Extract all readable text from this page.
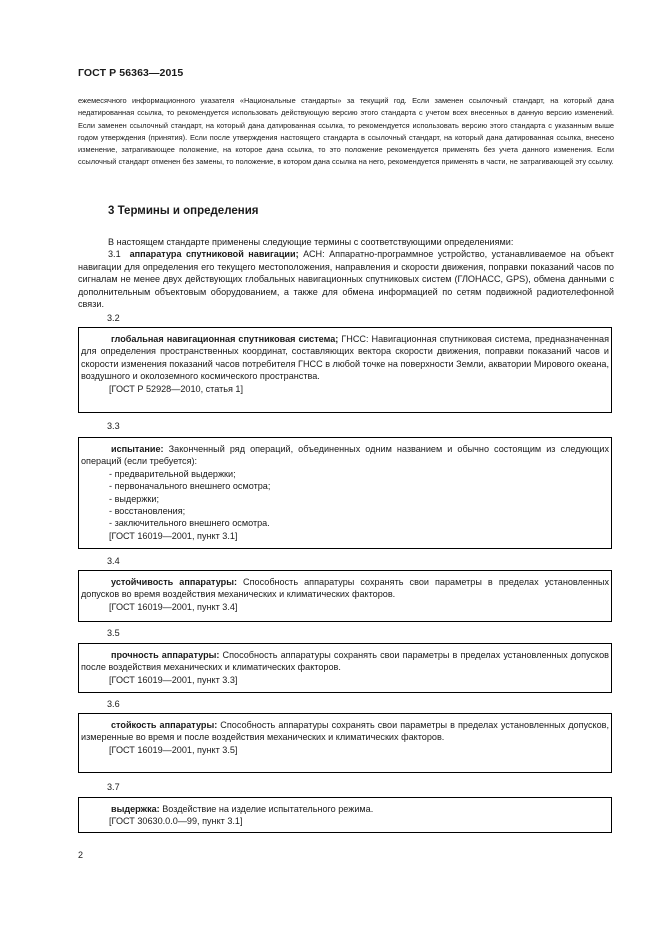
ГОСТ Р 56363—2015

ежемесячного информационного указателя «Национальные стандарты» за текущий год. Если заменен ссылочный стандарт, на который дана недатированная ссылка, то рекомендуется использовать действующую версию этого стандарта с учетом всех внесенных в данную версию изменений. Если заменен ссылочный стандарт, на который дана датированная ссылка, то рекомендуется использовать версию этого стандарта с указанным выше годом утверждения (принятия). Если после утверждения настоящего стандарта в ссылочный стандарт, на который дана датированная ссылка, внесено изменение, затрагивающее положение, на которое дана ссылка, то это положение рекомендуется применять без учета данного изменения. Если ссылочный стандарт отменен без замены, то положение, в котором дана ссылка на него, рекомендуется применять в части, не затрагивающей эту ссылку.

3 Термины и определения

В настоящем стандарте применены следующие термины с соответствующими определениями:

3.1 аппаратура спутниковой навигации; АСН: Аппаратно-программное устройство, устанавливаемое на объект навигации для определения его текущего местоположения, направления и скорости движения, поправки показаний часов по сигналам не менее двух действующих глобальных навигационных спутниковых систем (ГЛОНАСС, GPS), обмена данными с дополнительным объектовым оборудованием, а также для обмена информацией по сетям подвижной радиотелефонной связи.

3.2

глобальная навигационная спутниковая система; ГНСС: Навигационная спутниковая система, предназначенная для определения пространственных координат, составляющих вектора скорости движения, поправки показаний часов и скорости изменения показаний часов потребителя ГНСС в любой точке на поверхности Земли, акватории Мирового океана, воздушного и околоземного космического пространства.

[ГОСТ Р 52928—2010, статья 1]

3.3

испытание: Законченный ряд операций, объединенных одним названием и обычно состоящим из следующих операций (если требуется):

- предварительной выдержки;
- первоначального внешнего осмотра;
- выдержки;
- восстановления;
- заключительного внешнего осмотра.

[ГОСТ 16019—2001, пункт 3.1]

3.4

устойчивость аппаратуры: Способность аппаратуры сохранять свои параметры в пределах установленных допусков во время воздействия механических и климатических факторов.

[ГОСТ 16019—2001, пункт 3.4]

3.5

прочность аппаратуры: Способность аппаратуры сохранять свои параметры в пределах установленных допусков после воздействия механических и климатических факторов.

[ГОСТ 16019—2001, пункт 3.3]

3.6

стойкость аппаратуры: Способность аппаратуры сохранять свои параметры в пределах установленных допусков, измеренные во время и после воздействия механических и климатических факторов.

[ГОСТ 16019—2001, пункт 3.5]

3.7

выдержка: Воздействие на изделие испытательного режима.

[ГОСТ 30630.0.0—99, пункт 3.1]

2
